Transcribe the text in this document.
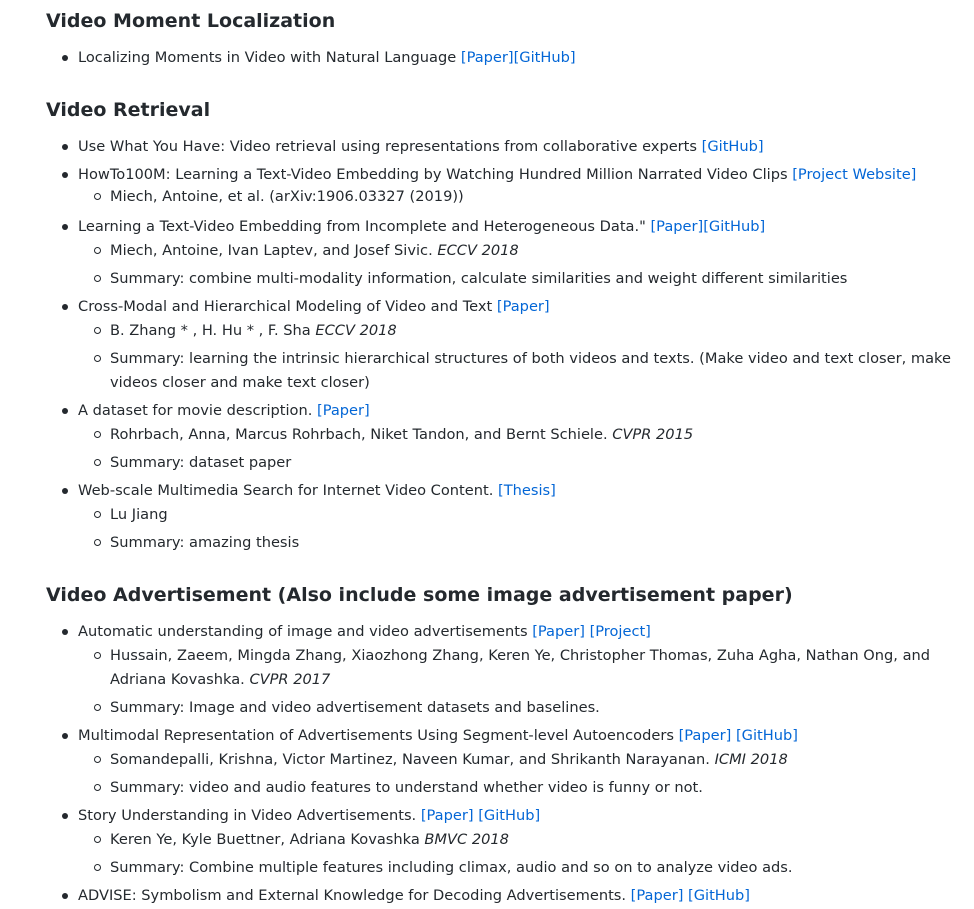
Video Moment Localization
Localizing Moments in Video with Natural Language [Paper][GitHub]
Video Retrieval
Use What You Have: Video retrieval using representations from collaborative experts [GitHub]
HowTo100M: Learning a Text-Video Embedding by Watching Hundred Million Narrated Video Clips [Project Website]
Miech, Antoine, et al. (arXiv:1906.03327 (2019))
Learning a Text-Video Embedding from Incomplete and Heterogeneous Data." [Paper][GitHub]
Miech, Antoine, Ivan Laptev, and Josef Sivic. ECCV 2018
Summary: combine multi-modality information, calculate similarities and weight different similarities
Cross-Modal and Hierarchical Modeling of Video and Text [Paper]
B. Zhang * , H. Hu * , F. Sha ECCV 2018
Summary: learning the intrinsic hierarchical structures of both videos and texts. (Make video and text closer, make
videos closer and make text closer)
A dataset for movie description. [Paper]
Rohrbach, Anna, Marcus Rohrbach, Niket Tandon, and Bernt Schiele. CVPR 2015
Summary: dataset paper
Web-scale Multimedia Search for Internet Video Content. [Thesis]
Lu Jiang
Summary: amazing thesis
Video Advertisement (Also include some image advertisement paper)
Automatic understanding of image and video advertisements [Paper] [Project]
Hussain, Zaeem, Mingda Zhang, Xiaozhong Zhang, Keren Ye, Christopher Thomas, Zuha Agha, Nathan Ong, and
Adriana Kovashka. CVPR 2017
Summary: Image and video advertisement datasets and baselines.
Multimodal Representation of Advertisements Using Segment-level Autoencoders [Paper] [GitHub]
Somandepalli, Krishna, Victor Martinez, Naveen Kumar, and Shrikanth Narayanan. ICMI 2018
Summary: video and audio features to understand whether video is funny or not.
Story Understanding in Video Advertisements. [Paper] [GitHub]
Keren Ye, Kyle Buettner, Adriana Kovashka BMVC 2018
Summary: Combine multiple features including climax, audio and so on to analyze video ads.
ADVISE: Symbolism and External Knowledge for Decoding Advertisements. [Paper] [GitHub]
